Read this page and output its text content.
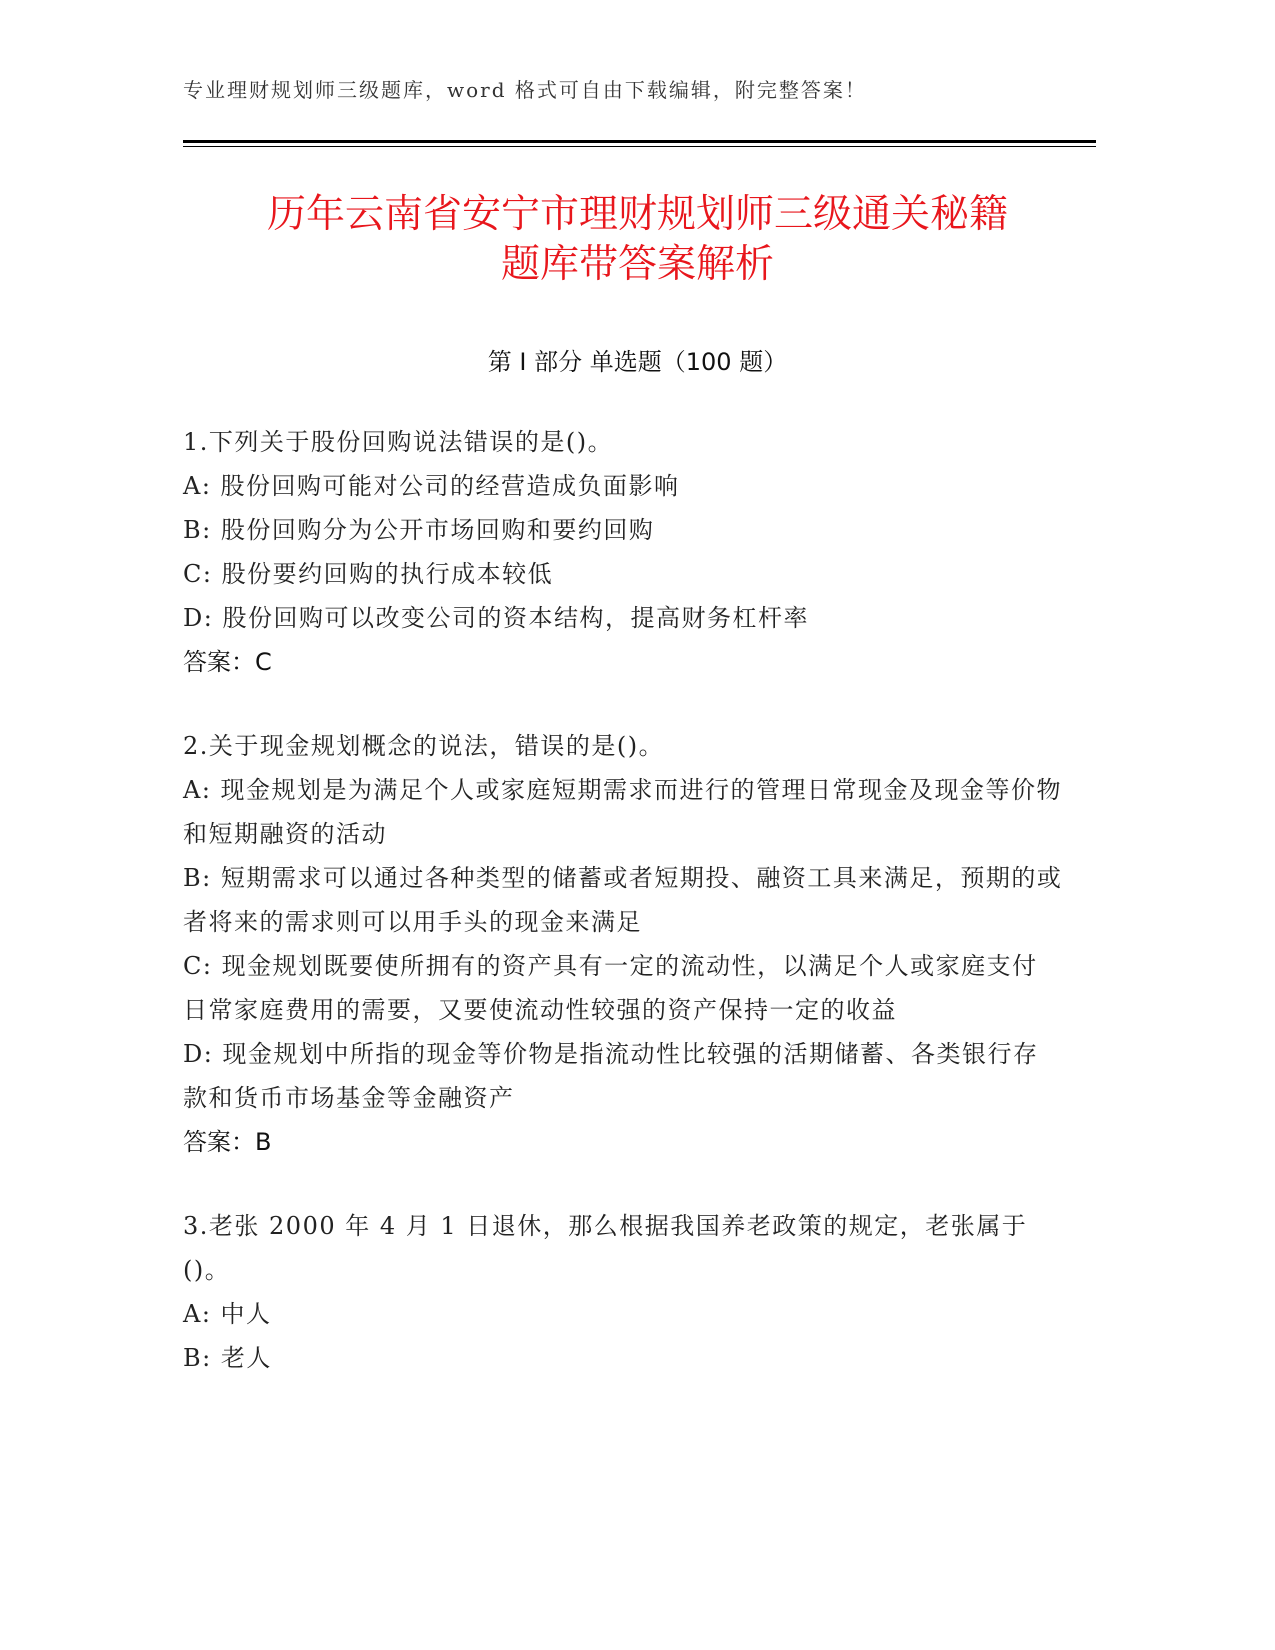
专业理财规划师三级题库，word 格式可自由下载编辑，附完整答案！
历年云南省安宁市理财规划师三级通关秘籍
题库带答案解析
第 I 部分 单选题（100 题）
1.下列关于股份回购说法错误的是()。
A: 股份回购可能对公司的经营造成负面影响
B: 股份回购分为公开市场回购和要约回购
C: 股份要约回购的执行成本较低
D: 股份回购可以改变公司的资本结构，提高财务杠杆率
答案：C
2.关于现金规划概念的说法，错误的是()。
A: 现金规划是为满足个人或家庭短期需求而进行的管理日常现金及现金等价物和短期融资的活动
B: 短期需求可以通过各种类型的储蓄或者短期投、融资工具来满足，预期的或者将来的需求则可以用手头的现金来满足
C: 现金规划既要使所拥有的资产具有一定的流动性，以满足个人或家庭支付日常家庭费用的需要，又要使流动性较强的资产保持一定的收益
D: 现金规划中所指的现金等价物是指流动性比较强的活期储蓄、各类银行存款和货币市场基金等金融资产
答案：B
3.老张 2000 年 4 月 1 日退休，那么根据我国养老政策的规定，老张属于()。
A: 中人
B: 老人
